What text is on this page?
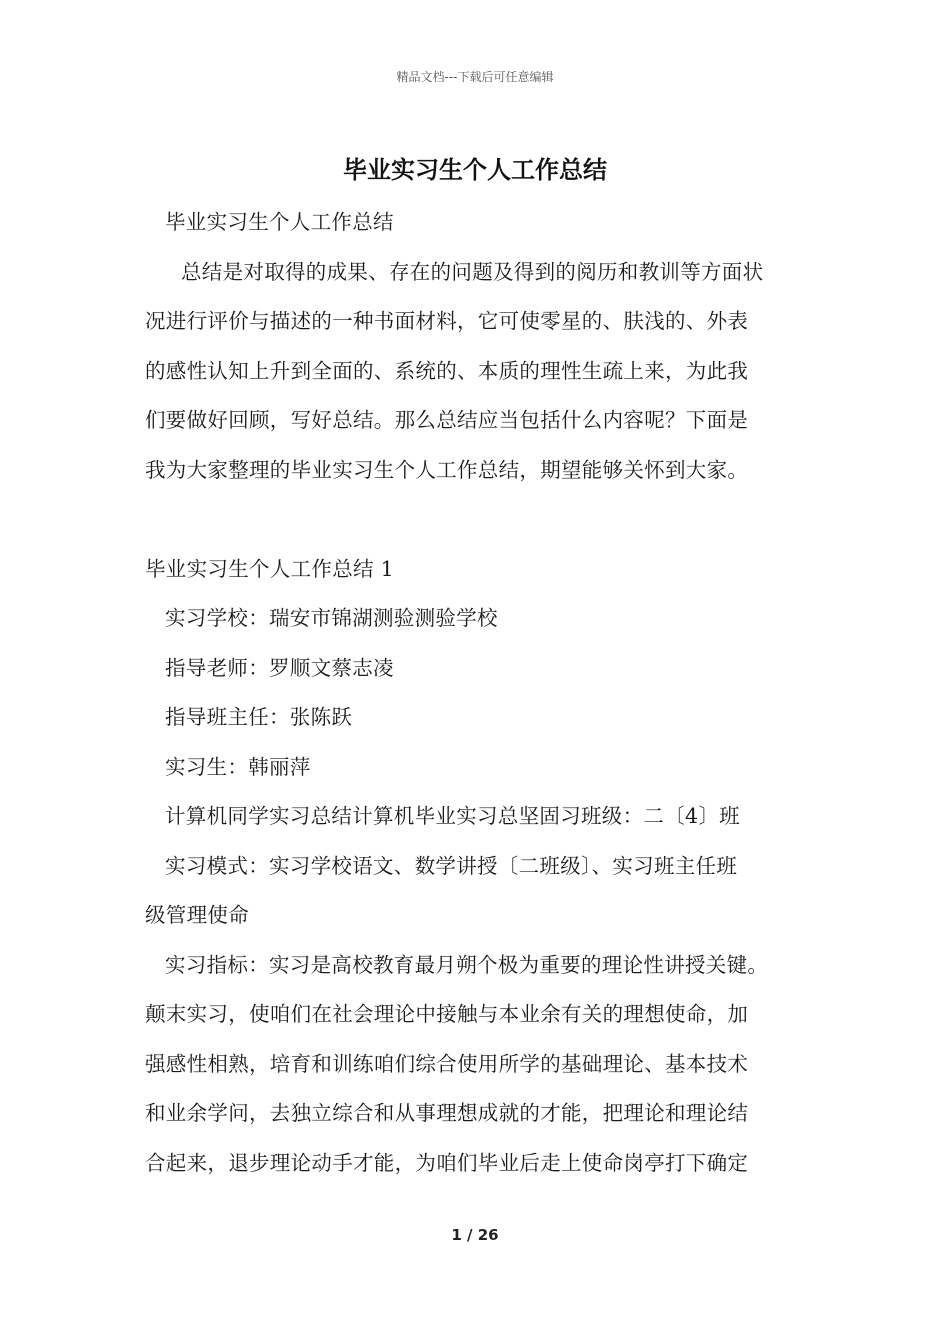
精品文档---下载后可任意编辑
毕业实习生个人工作总结
毕业实习生个人工作总结
总结是对取得的成果、存在的问题及得到的阅历和教训等方面状
况进行评价与描述的一种书面材料，它可使零星的、肤浅的、外表
的感性认知上升到全面的、系统的、本质的理性生疏上来，为此我
们要做好回顾，写好总结。那么总结应当包括什么内容呢？下面是
我为大家整理的毕业实习生个人工作总结，期望能够关怀到大家。
毕业实习生个人工作总结 1
实习学校：瑞安市锦湖测验测验学校
指导老师：罗顺文蔡志凌
指导班主任：张陈跃
实习生：韩丽萍
计算机同学实习总结计算机毕业实习总坚固习班级：二〔4〕班
实习模式：实习学校语文、数学讲授〔二班级〕、实习班主任班
级管理使命
实习指标：实习是高校教育最月朔个极为重要的理论性讲授关键。
颠末实习，使咱们在社会理论中接触与本业余有关的理想使命，加
强感性相熟，培育和训练咱们综合使用所学的基础理论、基本技术
和业余学问，去独立综合和从事理想成就的才能，把理论和理论结
合起来，退步理论动手才能，为咱们毕业后走上使命岗亭打下确定
1 / 26
